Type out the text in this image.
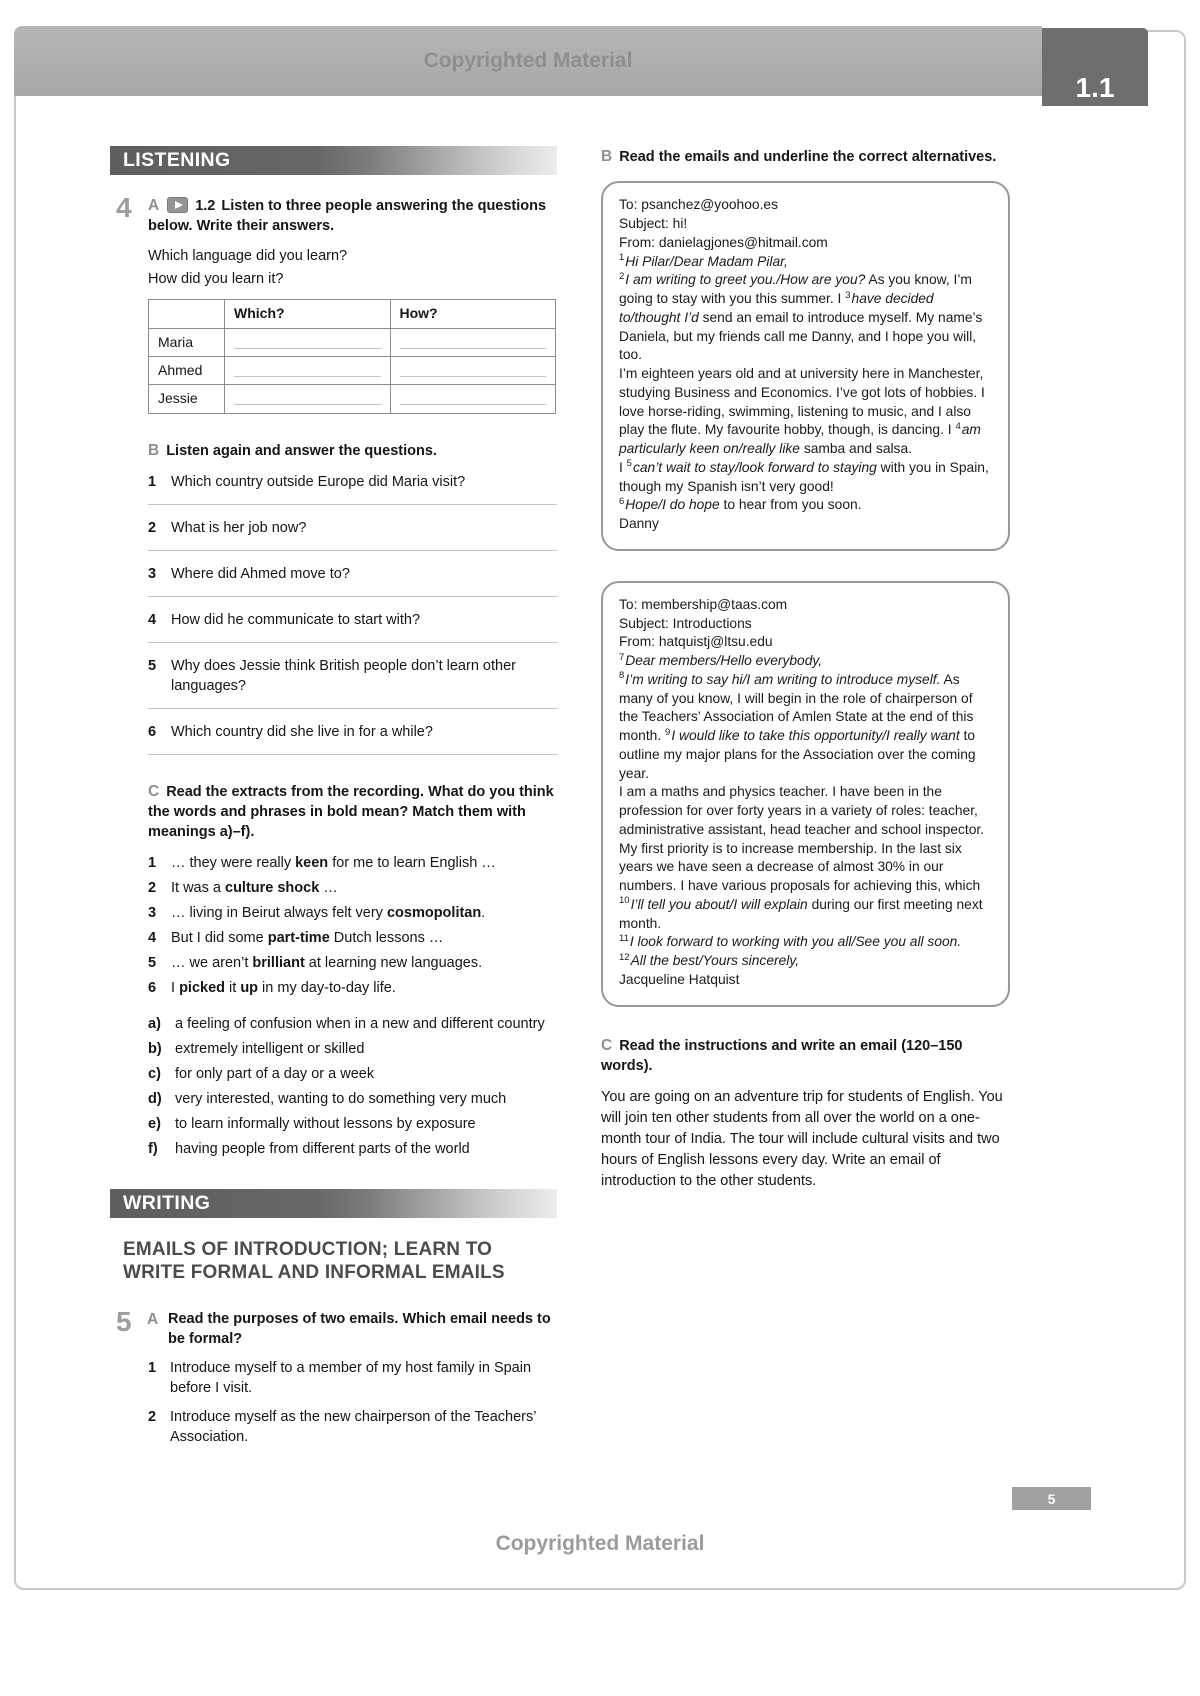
Copyrighted Material
1.1
LISTENING
4 A 1.2 Listen to three people answering the questions below. Write their answers.
Which language did you learn?
How did you learn it?
	Which?	How?
Maria	

Ahmed	

Jessie	

B Listen again and answer the questions.
1 Which country outside Europe did Maria visit?
2 What is her job now?
3 Where did Ahmed move to?
4 How did he communicate to start with?
5 Why does Jessie think British people don’t learn other languages?
6 Which country did she live in for a while?
C Read the extracts from the recording. What do you think the words and phrases in bold mean? Match them with meanings a)–f).
1 … they were really keen for me to learn English …
2 It was a culture shock …
3 … living in Beirut always felt very cosmopolitan.
4 But I did some part-time Dutch lessons …
5 … we aren’t brilliant at learning new languages.
6 I picked it up in my day-to-day life.
a) a feeling of confusion when in a new and different country
b) extremely intelligent or skilled
c) for only part of a day or a week
d) very interested, wanting to do something very much
e) to learn informally without lessons by exposure
f) having people from different parts of the world
WRITING
EMAILS OF INTRODUCTION; LEARN TO
WRITE FORMAL AND INFORMAL EMAILS
5 A Read the purposes of two emails. Which email needs to be formal?
1 Introduce myself to a member of my host family in Spain before I visit.
2 Introduce myself as the new chairperson of the Teachers’ Association.
B Read the emails and underline the correct alternatives.
To: psanchez@yoohoo.es
Subject: hi!
From: danielagjones@hitmail.com
$^1$Hi Pilar/Dear Madam Pilar,
$^2$I am writing to greet you./How are you? As you know, I’m going to stay with you this summer. I $^3$have decided to/thought I’d send an email to introduce myself. My name’s Daniela, but my friends call me Danny, and I hope you will, too.
I’m eighteen years old and at university here in Manchester, studying Business and Economics. I’ve got lots of hobbies. I love horse-riding, swimming, listening to music, and I also play the flute. My favourite hobby, though, is dancing. I $^4$am particularly keen on/really like samba and salsa.
I $^5$can’t wait to stay/look forward to staying with you in Spain, though my Spanish isn’t very good!
$^6$Hope/I do hope to hear from you soon.
Danny
To: membership@taas.com
Subject: Introductions
From: hatquistj@ltsu.edu
$^7$Dear members/Hello everybody,
$^8$I’m writing to say hi/I am writing to introduce myself. As many of you know, I will begin in the role of chairperson of the Teachers’ Association of Amlen State at the end of this month. $^9$I would like to take this opportunity/I really want to outline my major plans for the Association over the coming year.
I am a maths and physics teacher. I have been in the profession for over forty years in a variety of roles: teacher, administrative assistant, head teacher and school inspector.
My first priority is to increase membership. In the last six years we have seen a decrease of almost 30% in our numbers. I have various proposals for achieving this, which $^{10}$I’ll tell you about/I will explain during our first meeting next month.
$^{11}$I look forward to working with you all/See you all soon.
$^{12}$All the best/Yours sincerely,
Jacqueline Hatquist
C Read the instructions and write an email (120–150 words).
You are going on an adventure trip for students of English. You will join ten other students from all over the world on a one-month tour of India. The tour will include cultural visits and two hours of English lessons every day. Write an email of introduction to the other students.
5
Copyrighted Material
